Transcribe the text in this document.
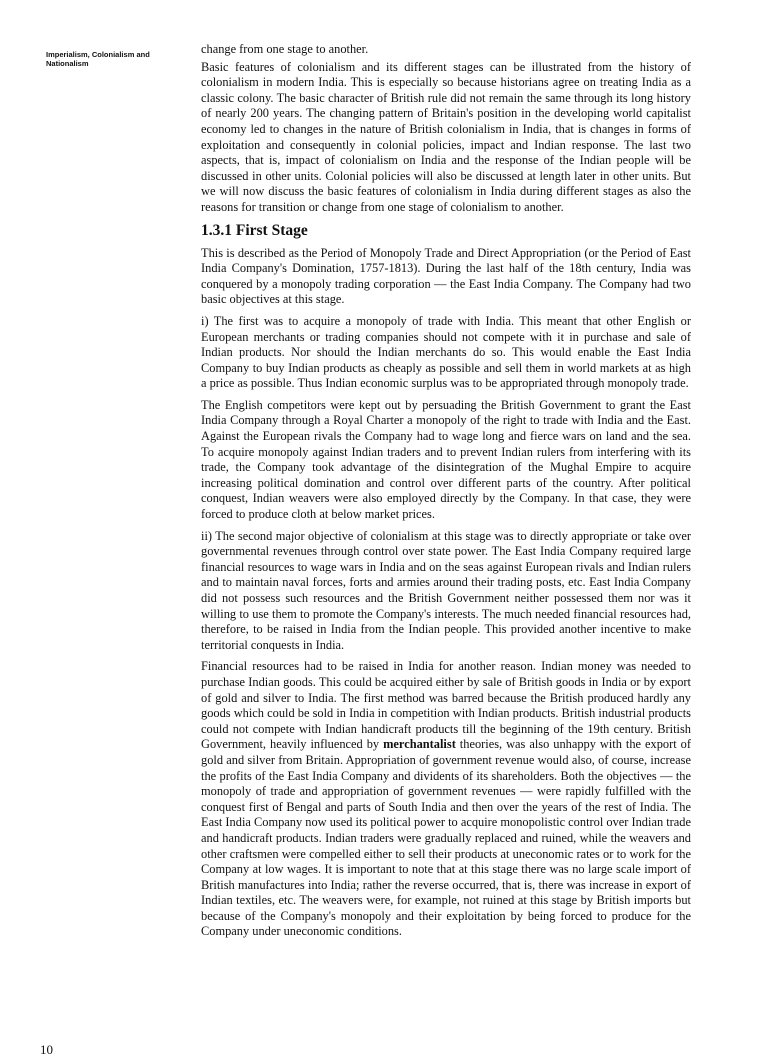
Imperialism, Colonialism and Nationalism

change from one stage to another.

Basic features of colonialism and its different stages can be illustrated from the history of colonialism in modern India. This is especially so because historians agree on treating India as a classic colony. The basic character of British rule did not remain the same through its long history of nearly 200 years. The changing pattern of Britain's position in the developing world capitalist economy led to changes in the nature of British colonialism in India, that is changes in forms of exploitation and consequently in colonial policies, impact and Indian response. The last two aspects, that is, impact of colonialism on India and the response of the Indian people will be discussed in other units. Colonial policies will also be discussed at length later in other units. But we will now discuss the basic features of colonialism in India during different stages as also the reasons for transition or change from one stage of colonialism to another.

1.3.1 First Stage

This is described as the Period of Monopoly Trade and Direct Appropriation (or the Period of East India Company's Domination, 1757-1813). During the last half of the 18th century, India was conquered by a monopoly trading corporation — the East India Company. The Company had two basic objectives at this stage.

i) The first was to acquire a monopoly of trade with India. This meant that other English or European merchants or trading companies should not compete with it in purchase and sale of Indian products. Nor should the Indian merchants do so. This would enable the East India Company to buy Indian products as cheaply as possible and sell them in world markets at as high a price as possible. Thus Indian economic surplus was to be appropriated through monopoly trade.

The English competitors were kept out by persuading the British Government to grant the East India Company through a Royal Charter a monopoly of the right to trade with India and the East. Against the European rivals the Company had to wage long and fierce wars on land and the sea. To acquire monopoly against Indian traders and to prevent Indian rulers from interfering with its trade, the Company took advantage of the disintegration of the Mughal Empire to acquire increasing political domination and control over different parts of the country. After political conquest, Indian weavers were also employed directly by the Company. In that case, they were forced to produce cloth at below market prices.

ii) The second major objective of colonialism at this stage was to directly appropriate or take over governmental revenues through control over state power. The East India Company required large financial resources to wage wars in India and on the seas against European rivals and Indian rulers and to maintain naval forces, forts and armies around their trading posts, etc. East India Company did not possess such resources and the British Government neither possessed them nor was it willing to use them to promote the Company's interests. The much needed financial resources had, therefore, to be raised in India from the Indian people. This provided another incentive to make territorial conquests in India.

Financial resources had to be raised in India for another reason. Indian money was needed to purchase Indian goods. This could be acquired either by sale of British goods in India or by export of gold and silver to India. The first method was barred because the British produced hardly any goods which could be sold in India in competition with Indian products. British industrial products could not compete with Indian handicraft products till the beginning of the 19th century. British Government, heavily influenced by merchantalist theories, was also unhappy with the export of gold and silver from Britain. Appropriation of government revenue would also, of course, increase the profits of the East India Company and dividents of its shareholders. Both the objectives — the monopoly of trade and appropriation of government revenues — were rapidly fulfilled with the conquest first of Bengal and parts of South India and then over the years of the rest of India. The East India Company now used its political power to acquire monopolistic control over Indian trade and handicraft products. Indian traders were gradually replaced and ruined, while the weavers and other craftsmen were compelled either to sell their products at uneconomic rates or to work for the Company at low wages. It is important to note that at this stage there was no large scale import of British manufactures into India; rather the reverse occurred, that is, there was increase in export of Indian textiles, etc. The weavers were, for example, not ruined at this stage by British imports but because of the Company's monopoly and their exploitation by being forced to produce for the Company under uneconomic conditions.

10
